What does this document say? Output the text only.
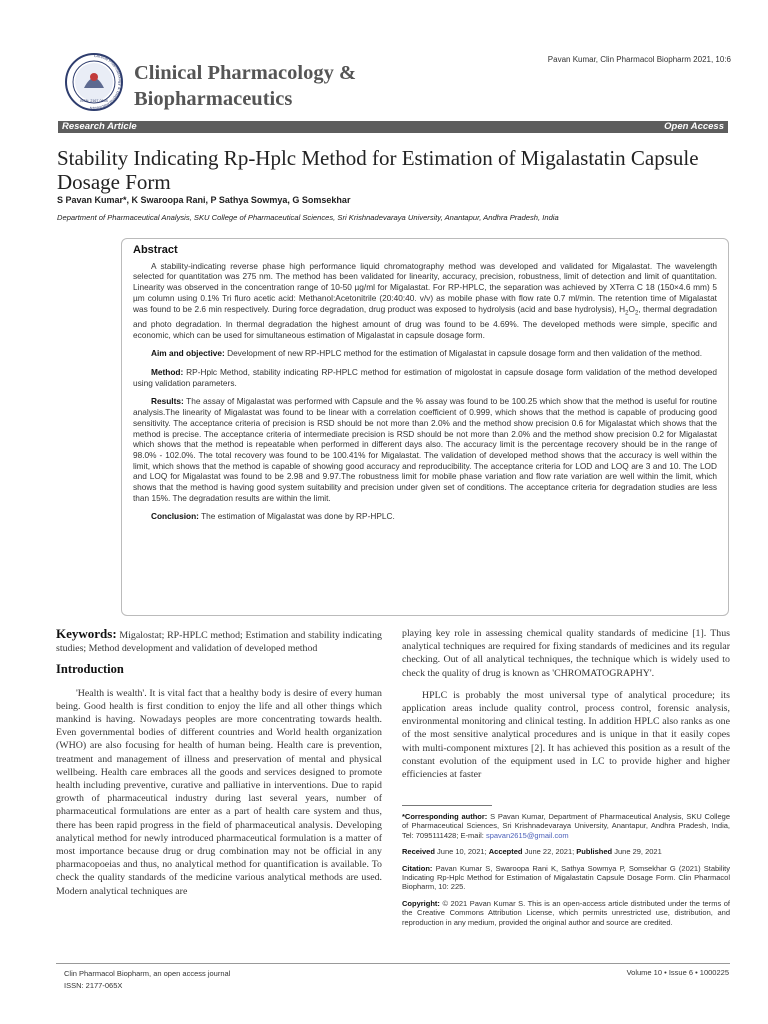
Pavan Kumar, Clin Pharmacol Biopharm 2021, 10:6
Clinical Pharmacology & Biopharmaceutics
ISSN: 2167-065X
Clinical Pharmacology &
Biopharmaceutics
Research Article	Open Access
Stability Indicating Rp-Hplc Method for Estimation of Migalastatin Capsule Dosage Form
S Pavan Kumar*, K Swaroopa Rani, P Sathya Sowmya, G Somsekhar
Department of Pharmaceutical Analysis, SKU College of Pharmaceutical Sciences, Sri Krishnadevaraya University, Anantapur, Andhra Pradesh, India
Abstract

A stability-indicating reverse phase high performance liquid chromatography method was developed and validated for Migalastat. The wavelength selected for quantitation was 275 nm. The method has been validated for linearity, accuracy, precision, robustness, limit of detection and limit of quantitation. Linearity was observed in the concentration range of 10-50 µg/ml for Migalastat. For RP-HPLC, the separation was achieved by XTerra C 18 (150×4.6 mm) 5 µm column using 0.1% Tri fluro acetic acid: Methanol:Acetonitrile (20:40:40. v/v) as mobile phase with flow rate 0.7 ml/min. The retention time of Migalastat was found to be 2.6 min respectively. During force degradation, drug product was exposed to hydrolysis (acid and base hydrolysis), $H_2O_2$, thermal degradation and photo degradation. In thermal degradation the highest amount of drug was found to be 4.69%. The developed methods were simple, specific and economic, which can be used for simultaneous estimation of Migalastat in capsule dosage form.

Aim and objective: Development of new RP-HPLC method for the estimation of Migalastat in capsule dosage form and then validation of the method.

Method: RP-Hplc Method, stability indicating RP-HPLC method for estimation of migolostat in capsule dosage form validation of the method developed using validation parameters.

Results: The assay of Migalastat was performed with Capsule and the % assay was found to be 100.25 which show that the method is useful for routine analysis.The linearity of Migalastat was found to be linear with a correlation coefficient of 0.999, which shows that the method is capable of producing good sensitivity. The acceptance criteria of precision is RSD should be not more than 2.0% and the method show precision 0.6 for Migalastat which shows that the method is precise. The acceptance criteria of intermediate precision is RSD should be not more than 2.0% and the method show precision 0.2 for Migalastat which shows that the method is repeatable when performed in different days also. The accuracy limit is the percentage recovery should be in the range of 98.0% - 102.0%. The total recovery was found to be 100.41% for Migalastat. The validation of developed method shows that the accuracy is well within the limit, which shows that the method is capable of showing good accuracy and reproducibility. The acceptance criteria for LOD and LOQ are 3 and 10. The LOD and LOQ for Migalastat was found to be 2.98 and 9.97.The robustness limit for mobile phase variation and flow rate variation are well within the limit, which shows that the method is having good system suitability and precision under given set of conditions. The acceptance criteria for degradation studies are less than 15%. The degradation results are within the limit.

Conclusion: The estimation of Migalastat was done by RP-HPLC.

Keywords: Migalostat; RP-HPLC method; Estimation and stability indicating studies; Method development and validation of developed method

Introduction

'Health is wealth'. It is vital fact that a healthy body is desire of every human being. Good health is first condition to enjoy the life and all other things which mankind is having. Nowadays peoples are more concentrating towards health. Even governmental bodies of different countries and World health organization (WHO) are also focusing for health of human being. Health care is prevention, treatment and management of illness and preservation of mental and physical wellbeing. Health care embraces all the goods and services designed to promote health including preventive, curative and palliative in interventions. Due to rapid growth of pharmaceutical industry during last several years, number of pharmaceutical formulations are enter as a part of health care system and thus, there has been rapid progress in the field of pharmaceutical analysis. Developing analytical method for newly introduced pharmaceutical formulation is a matter of most importance because drug or drug combination may not be official in any pharmacopoeias and thus, no analytical method for quantification is available. To check the quality standards of the medicine various analytical methods are used. Modern analytical techniques are

playing key role in assessing chemical quality standards of medicine [1]. Thus analytical techniques are required for fixing standards of medicines and its regular checking. Out of all analytical techniques, the technique which is widely used to check the quality of drug is known as 'CHROMATOGRAPHY'.

HPLC is probably the most universal type of analytical procedure; its application areas include quality control, process control, forensic analysis, environmental monitoring and clinical testing. In addition HPLC also ranks as one of the most sensitive analytical procedures and is unique in that it easily copes with multi-component mixtures [2]. It has achieved this position as a result of the constant evolution of the equipment used in LC to provide higher and higher efficiencies at faster

*Corresponding author: S Pavan Kumar, Department of Pharmaceutical Analysis, SKU College of Pharmaceutical Sciences, Sri Krishnadevaraya University, Anantapur, Andhra Pradesh, India, Tel: 7095111428; E-mail: spavan2615@gmail.com

Received June 10, 2021; Accepted June 22, 2021; Published June 29, 2021

Citation: Pavan Kumar S, Swaroopa Rani K, Sathya Sowmya P, Somsekhar G (2021) Stability Indicating Rp-Hplc Method for Estimation of Migalastatin Capsule Dosage Form. Clin Pharmacol Biopharm, 10: 225.

Copyright: © 2021 Pavan Kumar S. This is an open-access article distributed under the terms of the Creative Commons Attribution License, which permits unrestricted use, distribution, and reproduction in any medium, provided the original author and source are credited.

Clin Pharmacol Biopharm, an open access journal
ISSN: 2177-065X
Volume 10 • Issue 6 • 1000225
